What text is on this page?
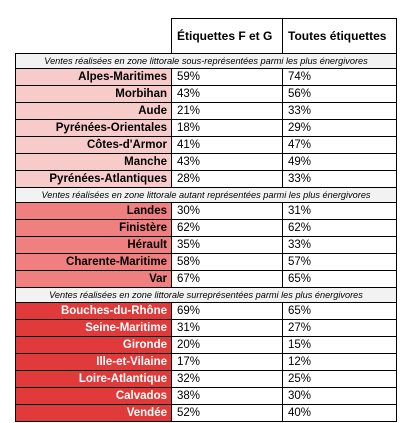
	Étiquettes F et G	Toutes étiquettes
Ventes réalisées en zone littorale sous-représentées parmi les plus énergivores		
Alpes-Maritimes	59%	74%
Morbihan	43%	56%
Aude	21%	33%
Pyrénées-Orientales	18%	29%
Côtes-d'Armor	41%	47%
Manche	43%	49%
Pyrénées-Atlantiques	28%	33%
Ventes réalisées en zone littorale autant représentées parmi les plus énergivores		
Landes	30%	31%
Finistère	62%	62%
Hérault	35%	33%
Charente-Maritime	58%	57%
Var	67%	65%
Ventes réalisées en zone littorale surreprésentées parmi les plus énergivores		
Bouches-du-Rhône	69%	65%
Seine-Maritime	31%	27%
Gironde	20%	15%
Ille-et-Vilaine	17%	12%
Loire-Atlantique	32%	25%
Calvados	38%	30%
Vendée	52%	40%
